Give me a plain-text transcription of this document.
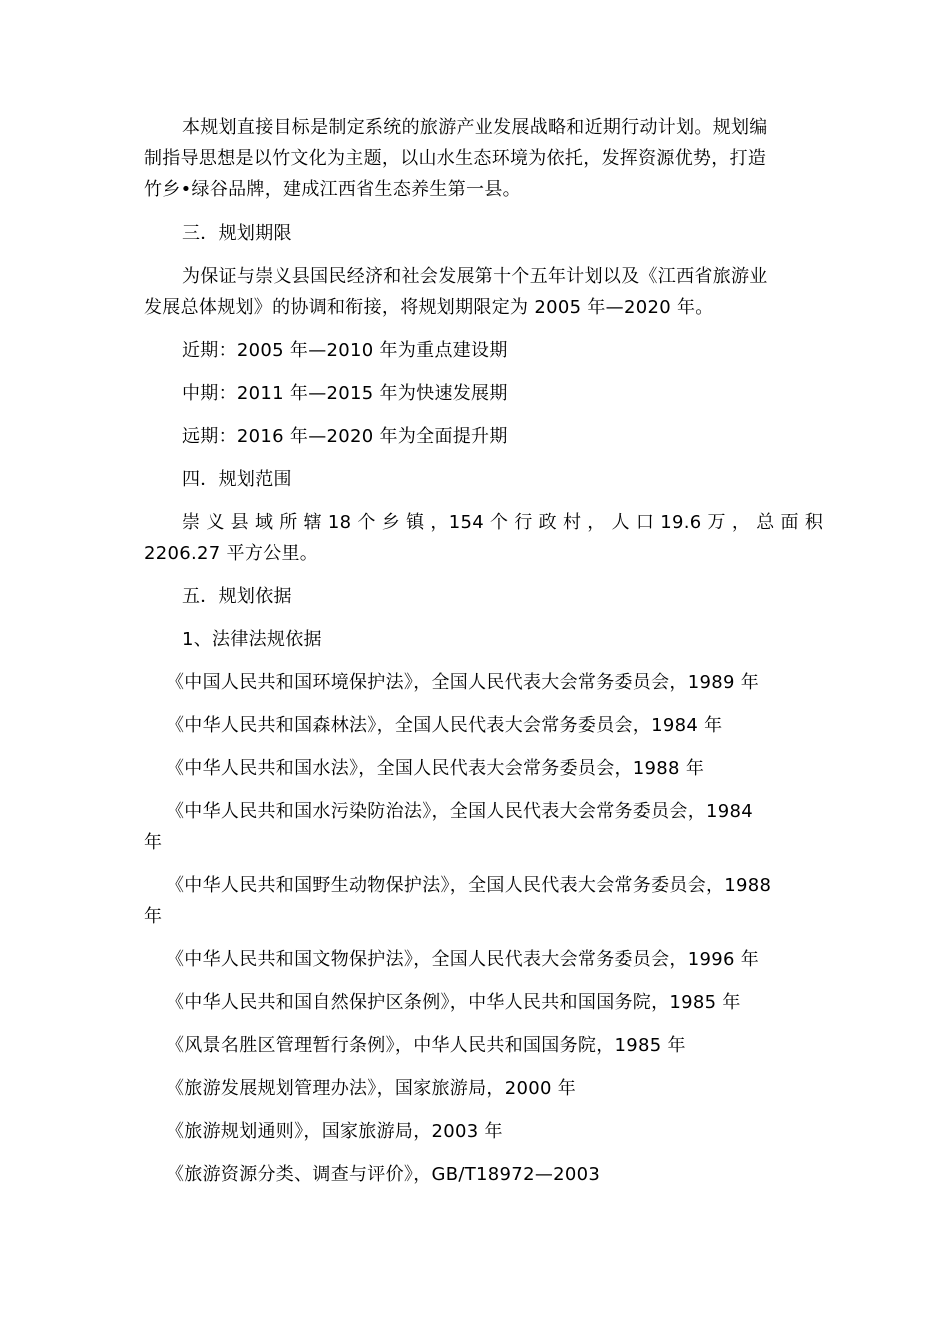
本规划直接目标是制定系统的旅游产业发展战略和近期行动计划。规划编
制指导思想是以竹文化为主题，以山水生态环境为依托，发挥资源优势，打造
竹乡•绿谷品牌，建成江西省生态养生第一县。
三．规划期限
为保证与崇义县国民经济和社会发展第十个五年计划以及《江西省旅游业
发展总体规划》的协调和衔接，将规划期限定为 2005 年—2020 年。
近期：2005 年—2010 年为重点建设期
中期：2011 年—2015 年为快速发展期
远期：2016 年—2020 年为全面提升期
四．规划范围
崇 义 县 域 所 辖 18 个 乡 镇 ，154 个 行 政 村 ， 人 口 19.6 万 ， 总 面 积
2206.27 平方公里。
五．规划依据
1、法律法规依据
《中国人民共和国环境保护法》，全国人民代表大会常务委员会，1989 年
《中华人民共和国森林法》，全国人民代表大会常务委员会，1984 年
《中华人民共和国水法》，全国人民代表大会常务委员会，1988 年
《中华人民共和国水污染防治法》，全国人民代表大会常务委员会，1984
年
《中华人民共和国野生动物保护法》，全国人民代表大会常务委员会，1988
年
《中华人民共和国文物保护法》，全国人民代表大会常务委员会，1996 年
《中华人民共和国自然保护区条例》，中华人民共和国国务院，1985 年
《风景名胜区管理暂行条例》，中华人民共和国国务院，1985 年
《旅游发展规划管理办法》，国家旅游局，2000 年
《旅游规划通则》，国家旅游局，2003 年
《旅游资源分类、调查与评价》，GB/T18972—2003
